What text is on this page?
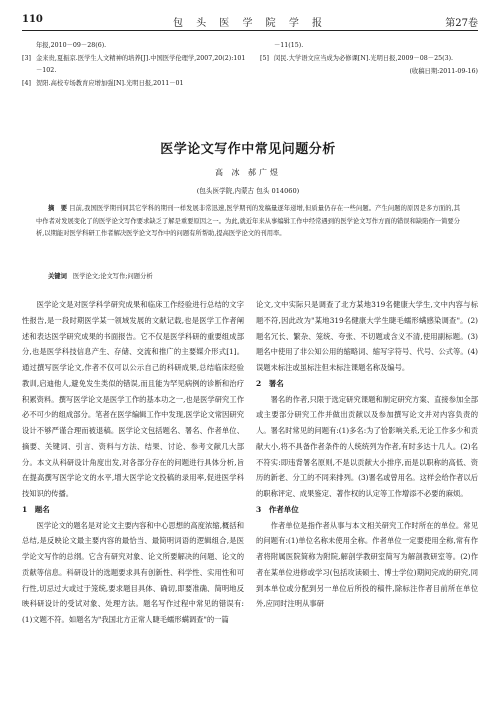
110	包 头 医 学 院 学 报	第27卷
年报,2010－09－28(6).
[3] 金来贵,夏振京.医学生人文精神的培养[J].中国医学伦理学,2007,20(2):101－102.
[4] 贺阳.高校专场教育应增加强[N].光明日报,2011－01
－11(15).
[5] 闵民.大学语文应当成为必修课[N].光明日报,2009－08－25(3).
(收稿日期:2011-09-16)
医学论文写作中常见问题分析
高 冰 郝广煜
(包头医学院,内蒙古 包头 014060)
摘　要 目前,我国医学期刊同其它学科的期刊一样发展非常迅速,医学期刊的发稿量逐年递增,但质量仍存在一些问题。产生问题的原因是多方面的,其中作者对发展变化了的医学论文写作要求缺乏了解是重要原因之一。为此,就近年来从事编辑工作中经常遇到的医学论文写作方面的错误和缺陷作一简要分析,以期能对医学科研工作者解决医学论文写作中的问题有所帮助,提高医学论文的刊用率。
关键词 医学论文;论文写作;问题分析

医学论文是对医学科学研究成果和临床工作经验进行总结的文字性报告,是一段时期医学某一领域发展的文献记载,也是医学工作者阐述和表达医学研究成果的书面报告。它不仅是医学科研的重要组成部分,也是医学科技信息产生、存储、交流和推广的主要媒介形式[1]。通过撰写医学论文,作者不仅可以公示自己的科研成果,总结临床经验教训,启迪他人,避免发生类似的错误,而且能为罕见病例的诊断和治疗积累资料。撰写医学论文是医学工作的基本功之一,也是医学研究工作必不可少的组成部分。笔者在医学编辑工作中发现,医学论文常因研究设计不够严谨合理而被退稿。医学论文包括题名、署名、作者单位、摘要、关键词、引言、资料与方法、结果、讨论、参考文献几大部分。本文从科研设计角度出发,对各部分存在的问题进行具体分析,旨在提高撰写医学论文的水平,增大医学论文投稿的录用率,促进医学科技知识的传播。

1　题名

医学论文的题名是对论文主要内容和中心思想的高度浓缩,概括和总结,是反映论文最主要内容的最恰当、最简明词语的逻辑组合,是医学论文写作的总纲。它含有研究对象、论文所要解决的问题、论文的贡献等信息。科研设计的选题要求具有创新性、科学性、实用性和可行性,切忌过大或过于笼统,要求题目具体、确切,即要准确、简明地反映科研设计的受试对象、处理方法。题名写作过程中常见的错误有:(1)文题不符。如题名为"我国北方正常人睫毛蠕形螨调查"的一篇

论文,文中实际只是调查了北方某地319名健康大学生,文中内容与标题不符,因此改为"某地319名健康大学生睫毛蠕形螨感染调查"。(2)题名冗长、繁杂、笼统、夸张、不切题或含义不清,使用副标题。(3)题名中使用了非公知公用的缩略词、缩写字符号、代号、公式等。(4)误题未标注或虽标注但未标注课题名称及编号。

2　署名

署名的作者,只限于选定研究课题和制定研究方案、直接参加全部或主要部分研究工作并做出贡献以及参加撰写论文并对内容负责的人。署名时常见的问题有:(1)多名:为了恰影响关系,无论工作多少和贡献大小,将不具备作者条件的人统统列为作者,有时多达十几人。(2)名不符实:即违背署名原则,不是以贡献大小排序,而是以职称的高低、资历的新老、分工的不同来排列。(3)署名或曾用名。这样会给作者以后的职称评定、成果鉴定、著作权的认定等工作增添不必要的麻烦。

3　作者单位

作者单位是指作者从事与本文相关研究工作时所在的单位。常见的问题有:(1)单位名称未使用全称。作者单位一定要使用全称,常有作者将附属医院简称为附院,解剖学教研室简写为解剖教研室等。(2)作者在某单位进修或学习(包括攻读硕士、博士学位)期间完成的研究,同到本单位或分配到另一单位后所投的稿件,除标注作者目前所在单位外,应同时注明从事研
